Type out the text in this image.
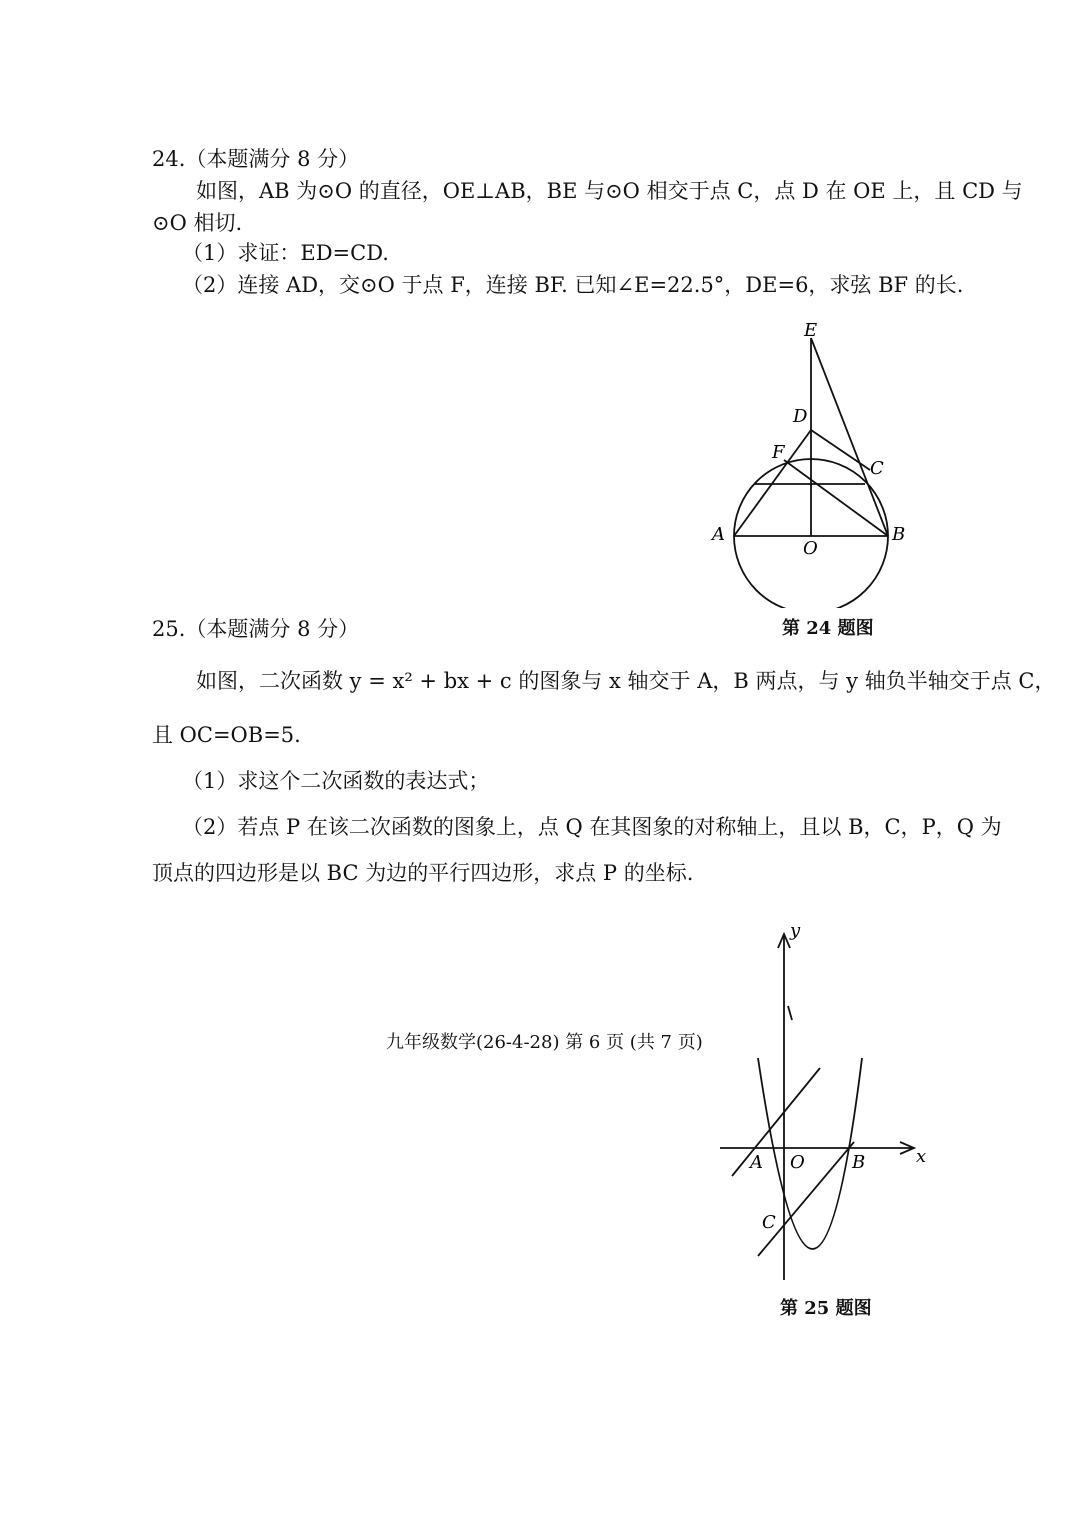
24.（本题满分 8 分）
如图，AB 为⊙O 的直径，OE⊥AB，BE 与⊙O 相交于点 C，点 D 在 OE 上，且 CD 与
⊙O 相切.
（1）求证：ED=CD.
（2）连接 AD，交⊙O 于点 F，连接 BF. 已知∠E=22.5°，DE=6，求弦 BF 的长.
E
D
F
C
A
O
B
第 24 题图
25.（本题满分 8 分）
如图，二次函数 y = x² + bx + c 的图象与 x 轴交于 A，B 两点，与 y 轴负半轴交于点 C，
且 OC=OB=5.
（1）求这个二次函数的表达式；
（2）若点 P 在该二次函数的图象上，点 Q 在其图象的对称轴上，且以 B，C，P，Q 为
顶点的四边形是以 BC 为边的平行四边形，求点 P 的坐标.
y
x
A O	B
C
第 25 题图
九年级数学(26-4-28) 第 6 页 (共 7 页)
